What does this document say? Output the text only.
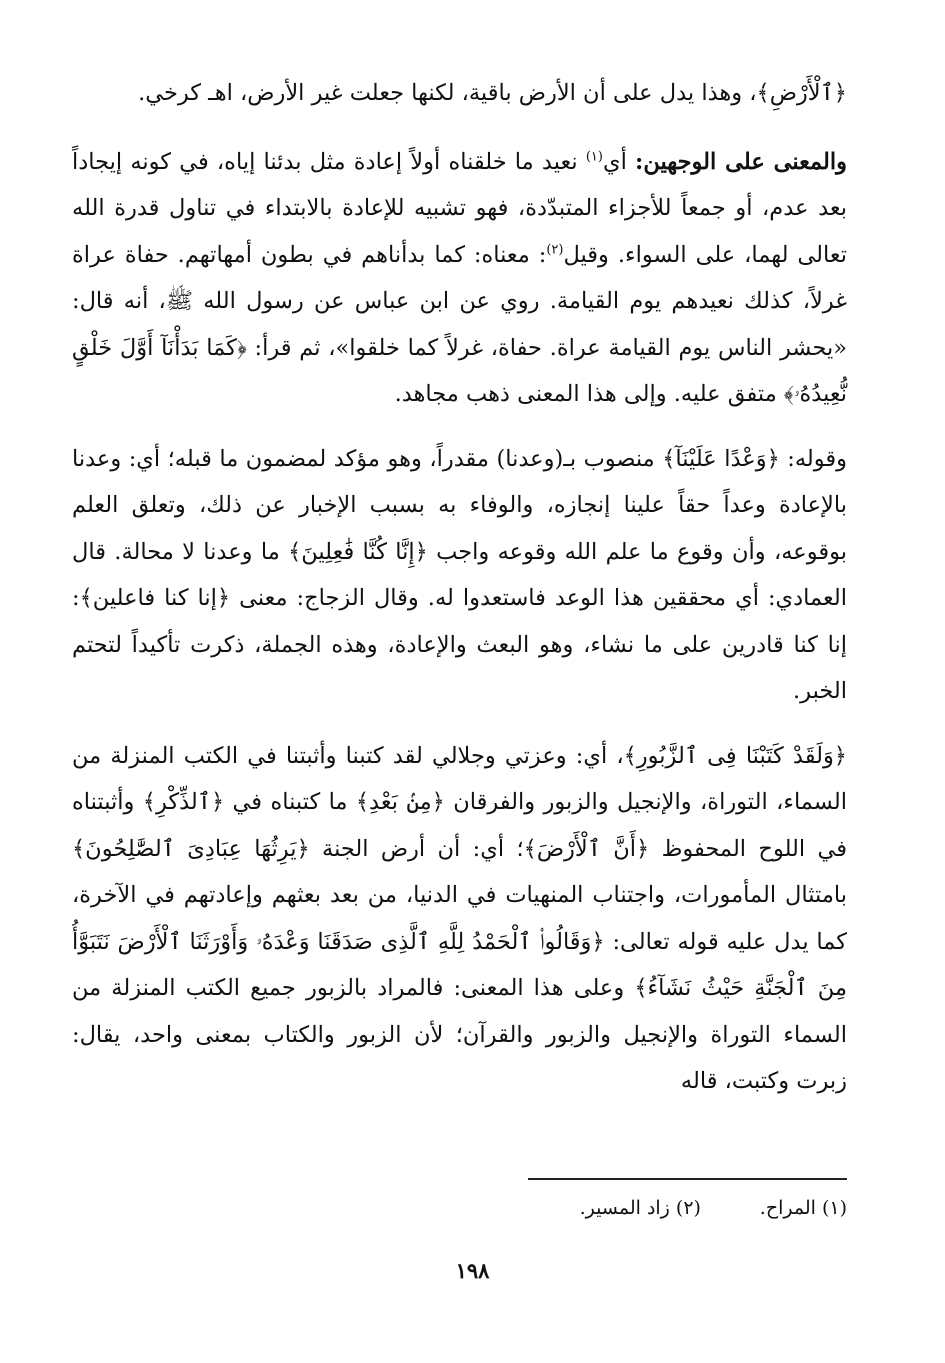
﴿ٱلْأَرْضِ﴾، وهذا يدل على أن الأرض باقية، لكنها جعلت غير الأرض، اهـ كرخي.

والمعنى على الوجهين: أي$^{(١)}$ نعيد ما خلقناه أولاً إعادة مثل بدئنا إياه، في كونه إيجاداً بعد عدم، أو جمعاً للأجزاء المتبدّدة، فهو تشبيه للإعادة بالابتداء في تناول قدرة الله تعالى لهما، على السواء. وقيل$^{(٢)}$: معناه: كما بدأناهم في بطون أمهاتهم. حفاة عراة غرلاً، كذلك نعيدهم يوم القيامة. روي عن ابن عباس عن رسول الله ﷺ، أنه قال: «يحشر الناس يوم القيامة عراة. حفاة، غرلاً كما خلقوا»، ثم قرأ: ﴿كَمَا بَدَأْنَآ أَوَّلَ خَلْقٍ نُّعِيدُهُۥ﴾ متفق عليه. وإلى هذا المعنى ذهب مجاهد.

وقوله: ﴿وَعْدًا عَلَيْنَآ﴾ منصوب بـ(وعدنا) مقدراً، وهو مؤكد لمضمون ما قبله؛ أي: وعدنا بالإعادة وعداً حقاً علينا إنجازه، والوفاء به بسبب الإخبار عن ذلك، وتعلق العلم بوقوعه، وأن وقوع ما علم الله وقوعه واجب ﴿إِنَّا كُنَّا فَٰعِلِينَ﴾ ما وعدنا لا محالة. قال العمادي: أي محققين هذا الوعد فاستعدوا له. وقال الزجاج: معنى ﴿إنا كنا فاعلين﴾: إنا كنا قادرين على ما نشاء، وهو البعث والإعادة، وهذه الجملة، ذكرت تأكيداً لتحتم الخبر.

﴿وَلَقَدْ كَتَبْنَا فِى ٱلزَّبُورِ﴾، أي: وعزتي وجلالي لقد كتبنا وأثبتنا في الكتب المنزلة من السماء، التوراة، والإنجيل والزبور والفرقان ﴿مِنۢ بَعْدِ﴾ ما كتبناه في ﴿ٱلذِّكْرِ﴾ وأثبتناه في اللوح المحفوظ ﴿أَنَّ ٱلْأَرْضَ﴾؛ أي: أن أرض الجنة ﴿يَرِثُهَا عِبَادِىَ ٱلصَّٰلِحُونَ﴾ بامتثال المأمورات، واجتناب المنهيات في الدنيا، من بعد بعثهم وإعادتهم في الآخرة، كما يدل عليه قوله تعالى: ﴿وَقَالُوا۟ ٱلْحَمْدُ لِلَّهِ ٱلَّذِى صَدَقَنَا وَعْدَهُۥ وَأَوْرَثَنَا ٱلْأَرْضَ نَتَبَوَّأُ مِنَ ٱلْجَنَّةِ حَيْثُ نَشَآءُ﴾ وعلى هذا المعنى: فالمراد بالزبور جميع الكتب المنزلة من السماء التوراة والإنجيل والزبور والقرآن؛ لأن الزبور والكتاب بمعنى واحد، يقال: زبرت وكتبت، قاله

(١) المراح. (٢) زاد المسير.
١٩٨
